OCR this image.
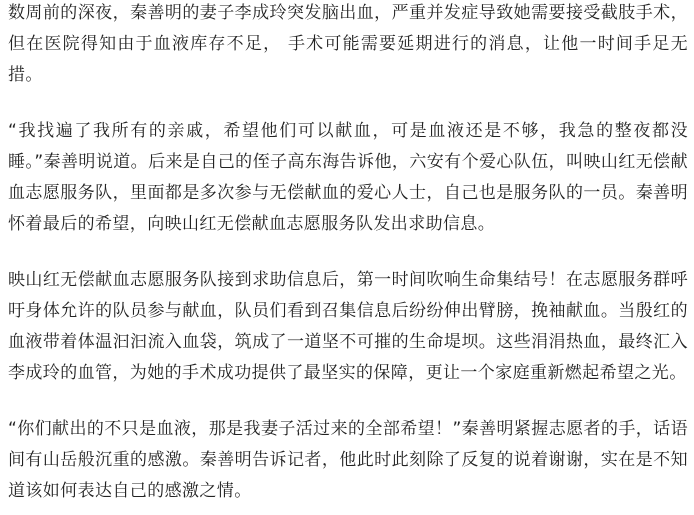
数周前的深夜，秦善明的妻子李成玲突发脑出血，严重并发症导致她需要接受截肢手术，但在医院得知由于血液库存不足， 手术可能需要延期进行的消息，让他一时间手足无措。

“我找遍了我所有的亲戚，希望他们可以献血，可是血液还是不够，我急的整夜都没睡。”秦善明说道。后来是自己的侄子高东海告诉他，六安有个爱心队伍，叫映山红无偿献血志愿服务队，里面都是多次参与无偿献血的爱心人士，自己也是服务队的一员。秦善明怀着最后的希望，向映山红无偿献血志愿服务队发出求助信息。

映山红无偿献血志愿服务队接到求助信息后，第一时间吹响生命集结号！在志愿服务群呼吁身体允许的队员参与献血，队员们看到召集信息后纷纷伸出臂膀，挽袖献血。当殷红的血液带着体温汩汩流入血袋，筑成了一道坚不可摧的生命堤坝。这些涓涓热血，最终汇入李成玲的血管，为她的手术成功提供了最坚实的保障，更让一个家庭重新燃起希望之光。

“你们献出的不只是血液，那是我妻子活过来的全部希望！”秦善明紧握志愿者的手，话语间有山岳般沉重的感激。秦善明告诉记者，他此时此刻除了反复的说着谢谢，实在是不知道该如何表达自己的感激之情。
